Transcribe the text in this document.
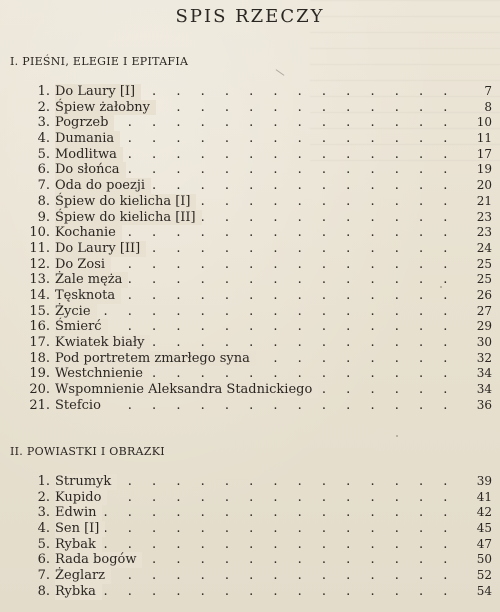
SPIS RZECZY
I. PIEŚNI, ELEGIE I EPITAFIA
1. . . . Do Laury [I]	7
2. . . . Śpiew żałobny	8
3. . . . Pogrzeb	10
4. . . . Dumania	11
5. . . . Modlitwa	17
6. . . . Do słońca	19
7. . . . Oda do poezji	20
8. . . . Śpiew do kielicha [I]	21
9. . . . Śpiew do kielicha [II]	23
10. . . . Kochanie	23
11. . . . Do Laury [II]	24
12. . . . Do Zosi	25
13. . . . Żale męża	25
14. . . . Tęsknota	26
15. . . . Życie	27
16. . . . Śmierć	29
17. . . . Kwiatek biały	30
18. . . . Pod portretem zmarłego syna	32
19. . . . Westchnienie	34
20. . . . Wspomnienie Aleksandra Stadnickiego	34
21. . . . Stefcio	36
II. POWIASTKI I OBRAZKI
1. . . . Strumyk	39
2. . . . Kupido	41
3. . . . Edwin	42
4. . . . Sen [I]	45
5. . . . Rybak	47
6. . . . Rada bogów	50
7. . . . Żeglarz	52
8. . . . Rybka	54
